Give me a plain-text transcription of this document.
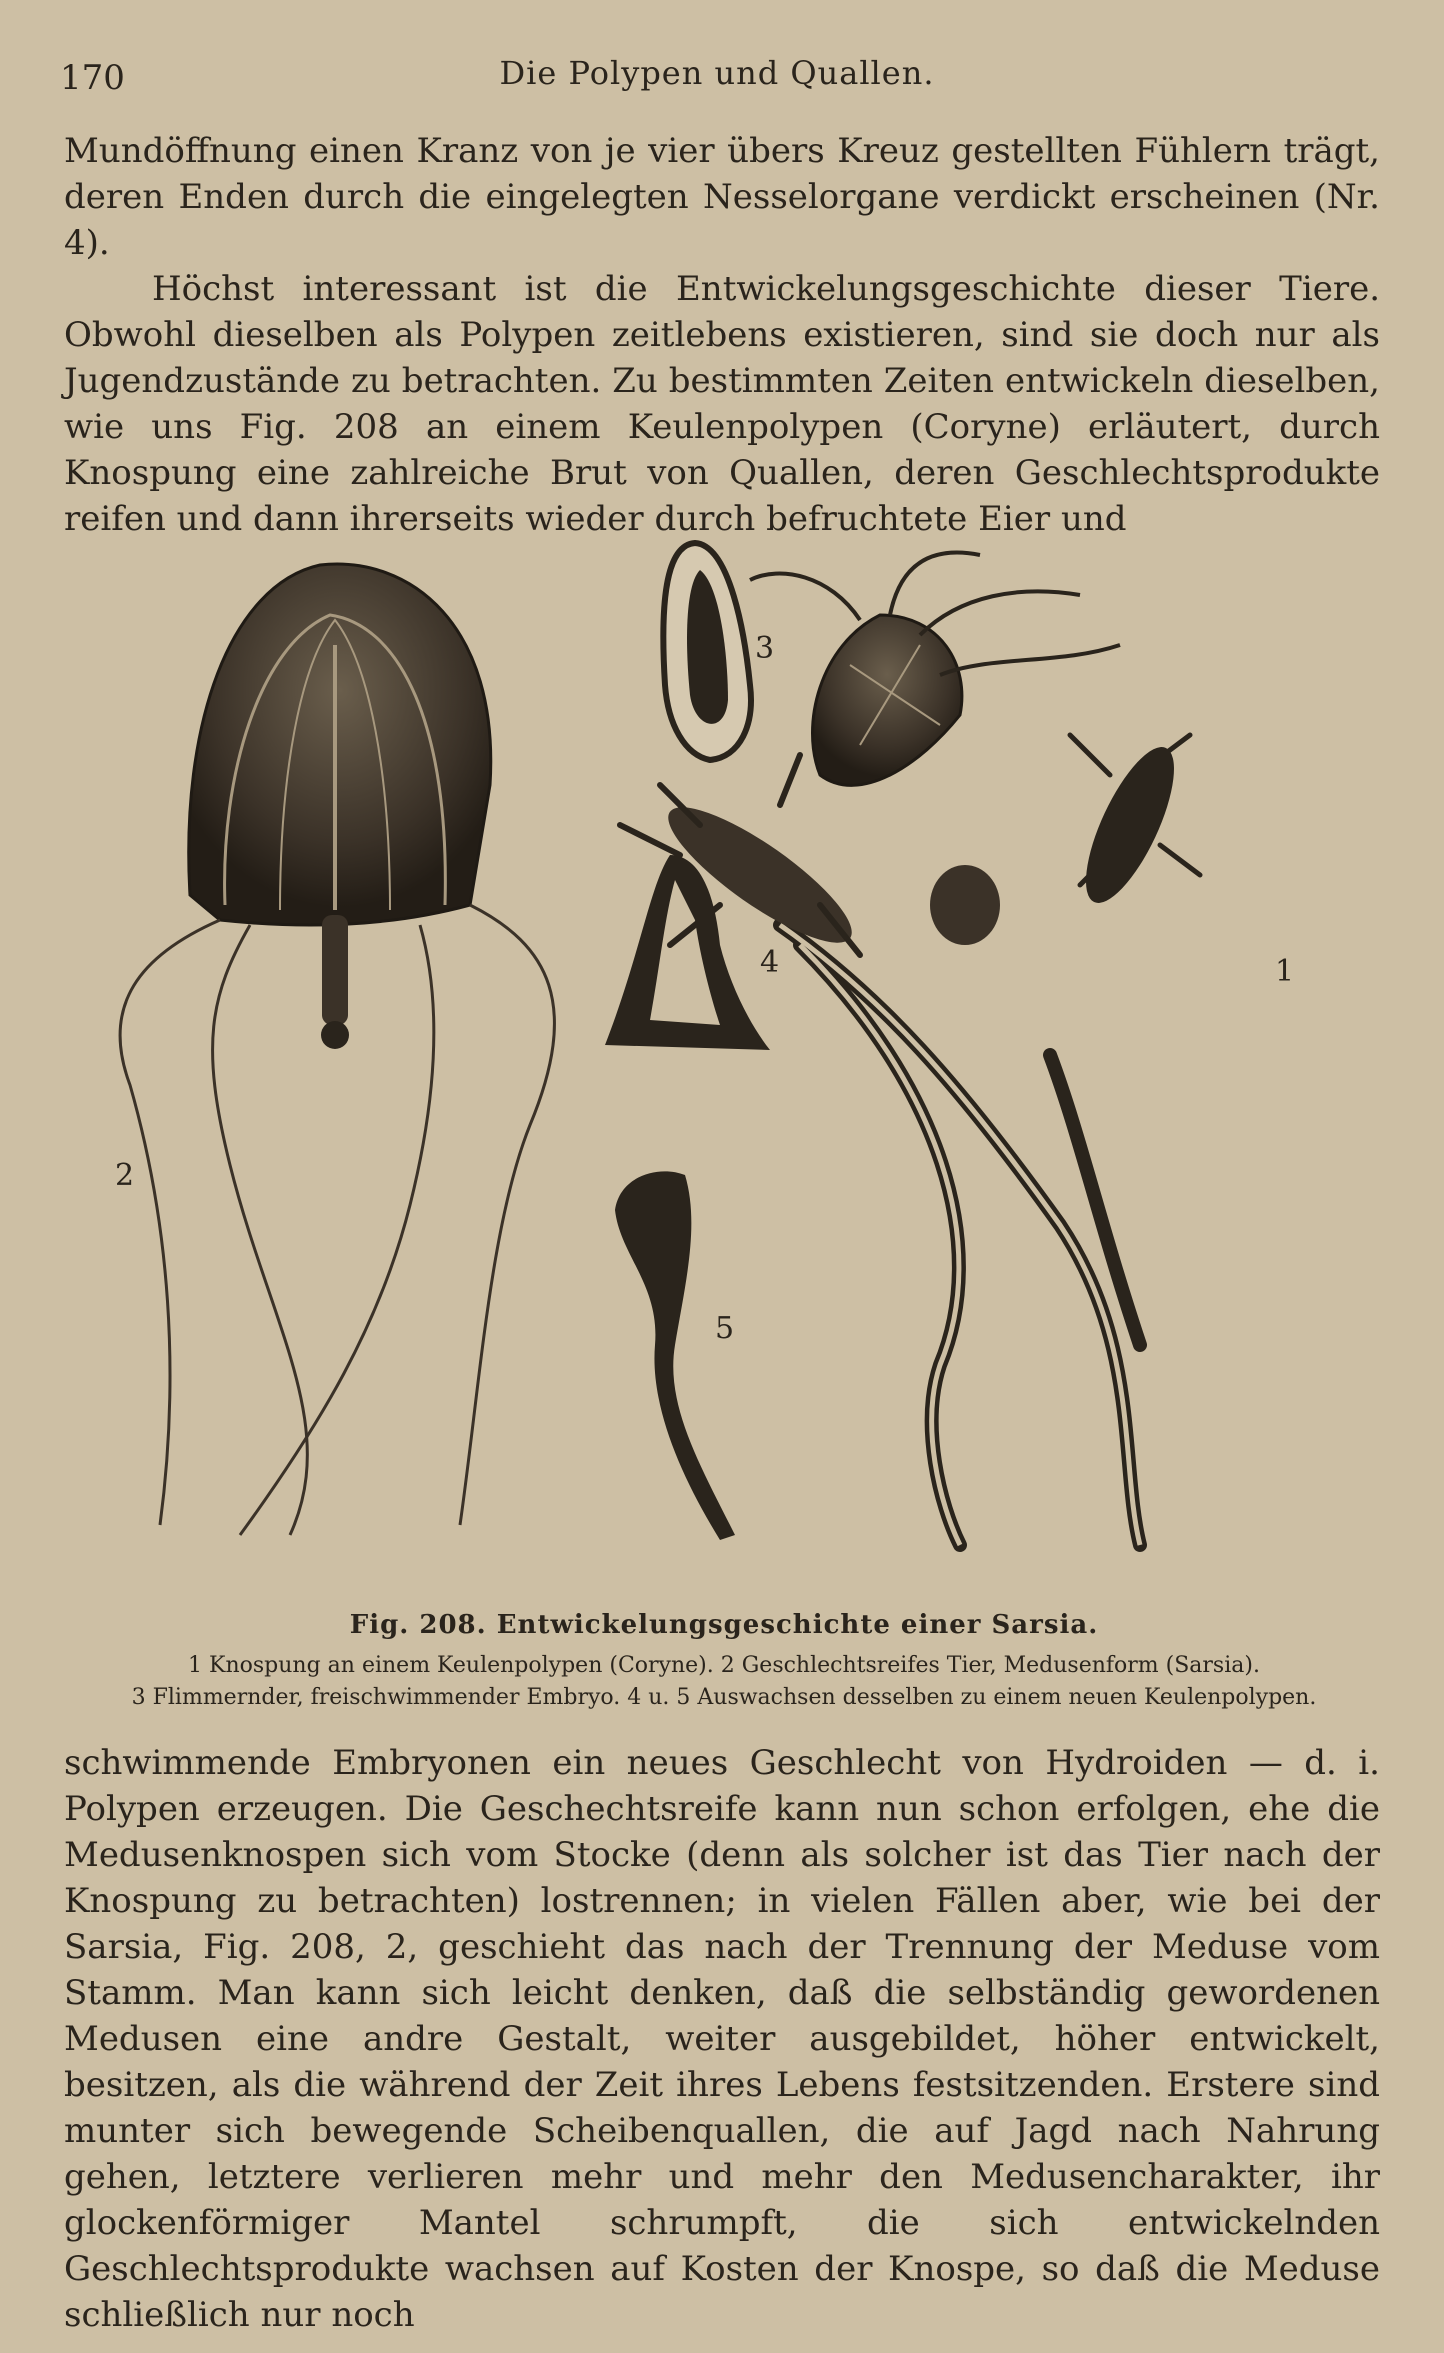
170	Die Polypen und Quallen.

Mundöffnung einen Kranz von je vier übers Kreuz gestellten Fühlern trägt, deren Enden durch die eingelegten Nesselorgane verdickt erscheinen (Nr. 4).

Höchst interessant ist die Entwickelungsgeschichte dieser Tiere. Obwohl dieselben als Polypen zeitlebens existieren, sind sie doch nur als Jugendzustände zu betrachten. Zu bestimmten Zeiten entwickeln dieselben, wie uns Fig. 208 an einem Keulenpolypen (Coryne) erläutert, durch Knospung eine zahlreiche Brut von Quallen, deren Geschlechtsprodukte reifen und dann ihrerseits wieder durch befruchtete Eier und

2
3
4
5
1
Fig. 208. Entwickelungsgeschichte einer Sarsia.
1 Knospung an einem Keulenpolypen (Coryne). 2 Geschlechtsreifes Tier, Medusenform (Sarsia).
3 Flimmernder, freischwimmender Embryo. 4 u. 5 Auswachsen desselben zu einem neuen Keulenpolypen.

schwimmende Embryonen ein neues Geschlecht von Hydroiden — d. i. Polypen erzeugen. Die Geschechtsreife kann nun schon erfolgen, ehe die Medusenknospen sich vom Stocke (denn als solcher ist das Tier nach der Knospung zu betrachten) lostrennen; in vielen Fällen aber, wie bei der Sarsia, Fig. 208, 2, geschieht das nach der Trennung der Meduse vom Stamm. Man kann sich leicht denken, daß die selbständig gewordenen Medusen eine andre Gestalt, weiter ausgebildet, höher entwickelt, besitzen, als die während der Zeit ihres Lebens festsitzenden. Erstere sind munter sich bewegende Scheibenquallen, die auf Jagd nach Nahrung gehen, letztere verlieren mehr und mehr den Medusencharakter, ihr glockenförmiger Mantel schrumpft, die sich entwickelnden Geschlechtsprodukte wachsen auf Kosten der Knospe, so daß die Meduse schließlich nur noch
